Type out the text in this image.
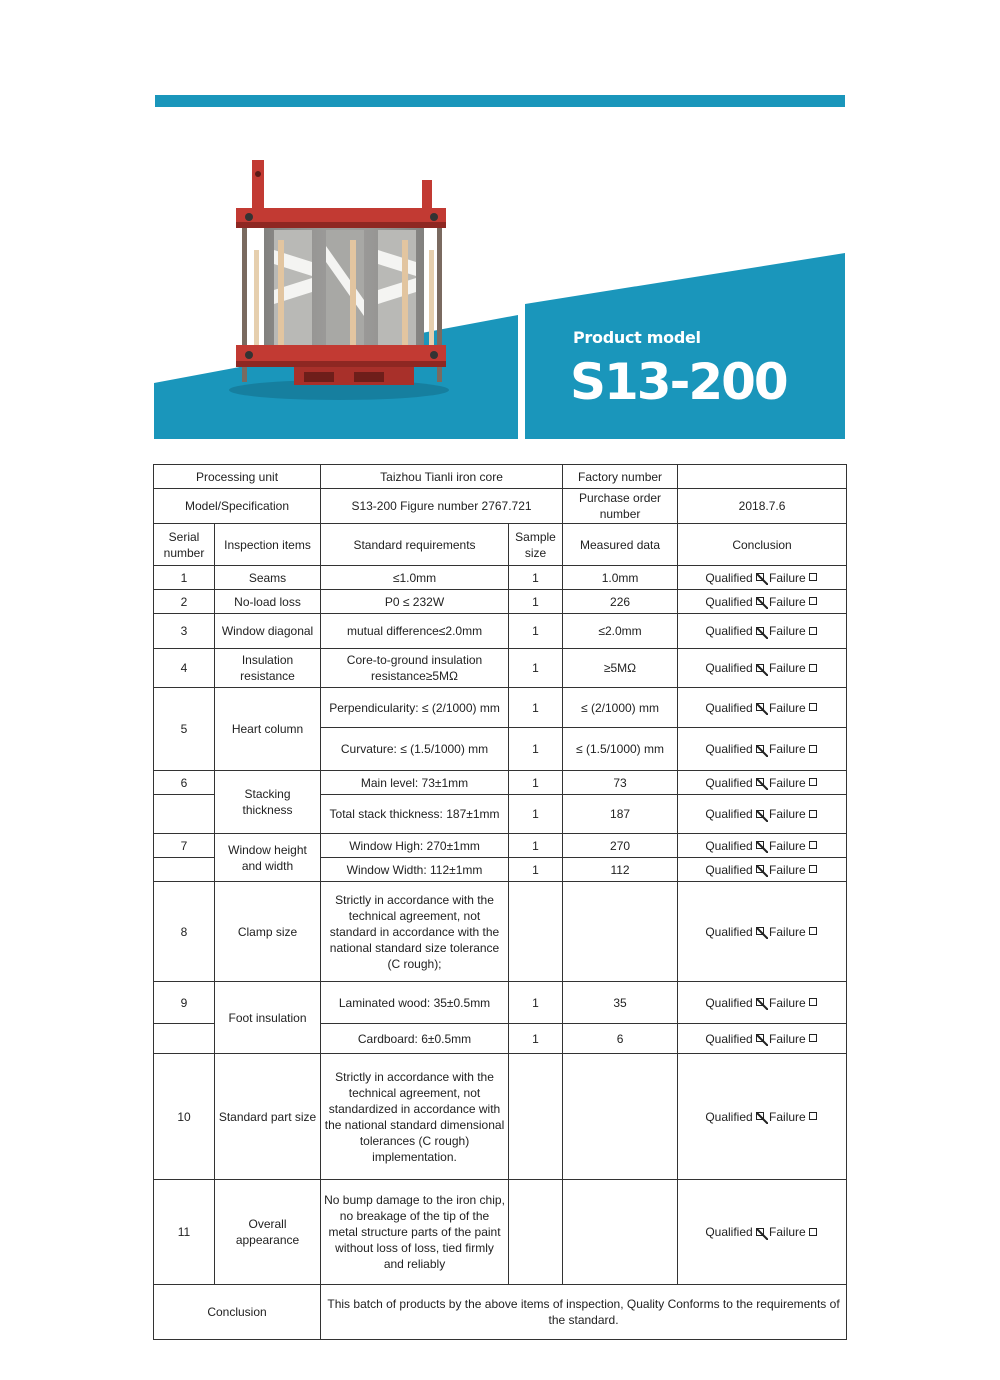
Product model
S13-200
Processing unit		Taizhou Tianli iron core		Factory number	
Model/Specification		S13-200 Figure number 2767.721		Purchase order number	2018.7.6
Serial number	Inspection items	Standard requirements	Sample size	Measured data	Conclusion
1	Seams	≤1.0mm	1	1.0mm	Qualified Failure
2	No-load loss	P0 ≤ 232W	1	226	Qualified Failure
3	Window diagonal	mutual difference≤2.0mm	1	≤2.0mm	Qualified Failure
4	Insulation resistance	Core-to-ground insulation resistance≥5MΩ	1	≥5MΩ	Qualified Failure
5	Heart column	Perpendicularity: ≤ (2/1000) mm	1	≤ (2/1000) mm	Qualified Failure
		Curvature: ≤ (1.5/1000) mm	1	≤ (1.5/1000) mm	Qualified Failure
6	Stacking thickness	Main level: 73±1mm	1	73	Qualified Failure
		Total stack thickness: 187±1mm	1	187	Qualified Failure
7	Window height and width	Window High: 270±1mm	1	270	Qualified Failure
		Window Width: 112±1mm	1	112	Qualified Failure
8	Clamp size	Strictly in accordance with the technical agreement, not standard in accordance with the national standard size tolerance (C rough);			Qualified Failure
9	Foot insulation	Laminated wood: 35±0.5mm	1	35	Qualified Failure
		Cardboard: 6±0.5mm	1	6	Qualified Failure
10	Standard part size	Strictly in accordance with the technical agreement, not standardized in accordance with the national standard dimensional tolerances (C rough) implementation.			Qualified Failure
11	Overall appearance	No bump damage to the iron chip, no breakage of the tip of the metal structure parts of the paint without loss of loss, tied firmly and reliably			Qualified Failure
Conclusion		This batch of products by the above items of inspection, Quality Conforms to the requirements of the standard.			
